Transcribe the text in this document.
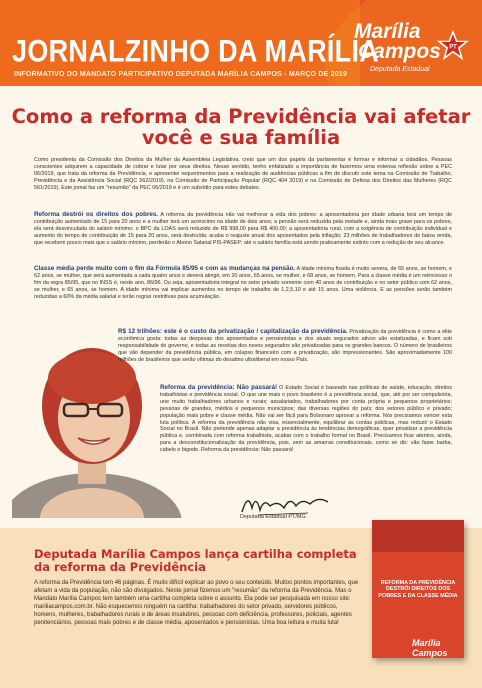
JORNALZINHO DA MARÍLIA
INFORMATIVO DO MANDATO PARTICIPATIVO DEPUTADA MARÍLIA CAMPOS - MARÇO DE 2019
Marília
Campos
Deputada Estadual
PT
Como a reforma da Previdência vai afetar você e sua família
Como presidenta da Comissão dos Direitos da Mulher da Assembleia Legislativa, creio que um dos papéis da parlamentar é formar e informar a cidadãos. Pessoas conscientes adquirem a capacidade de cobrar e lutar por seus direitos. Nesse sentido, tenho enfatizado a importância de fazermos uma extensa reflexão sobre a PEC 06/2019, que trata da reforma da Previdência, e apresentei requerimentos para a realização de audiências públicas a fim de discutir este tema na Comissão de Trabalho, Previdência e da Assistência Social (RQC 562/2019), na Comissão de Participação Popular (RQC 404 2019) e na Comissão de Defesa dos Direitos das Mulheres (RQC 561/2019). Este jornal faz um "resumão" da PEC 06/2019 e é um subsídio para estes debates.
Reforma destrói os direitos dos pobres. A reforma da previdência não vai melhorar a vida dos pobres: a aposentadoria por idade urbana terá um tempo de contribuição aumentado de 15 para 20 anos e a mulher terá um acréscimo na idade de dois anos; a pensão será reduzida pela metade e, ainda mais grave para os pobres, ela será desvinculada do salário mínimo; o BPC da LOAS será reduzido de R$ 998,00 para R$ 400,00; a aposentadoria rural, com a exigência de contribuição individual e aumento do tempo de contribuição de 15 para 20 anos, será destruída; acaba o reajuste anual dos aposentados pela inflação; 23 milhões de trabalhadores de baixa renda, que recebem pouco mais que o salário mínimo, perderão o Abono Salarial PIS-PASEP; até o salário família está sendo praticamente extinto com a redução de seu alcance.
Classe média perde muito com o fim da Fórmula 85/95 e com as mudanças na pensão. A idade mínima fixada é muito severa, de 65 anos, se homem, e 62 anos, se mulher, que será aumentada a cada quatro anos e deverá atingir, em 20 anos, 65 anos, se mulher, e 68 anos, se homem. Para a classe média é um retrocesso o fim da regra 85/95, que no INSS é, neste ano, 86/96. Ou seja, aposentadoria integral no setor privado somente com 40 anos de contribuição e no setor público com 62 anos, se mulher, e 65 anos, se homem. A idade mínima vai implicar aumentos no tempo de trabalho de 1,2,5,10 e até 15 anos. Uma violência. E as pensões serão também reduzidas a 60% da média salarial e terão regras restritivas para acumulação.
R$ 12 trilhões: este é o custo da privatização / capitalização da previdência. Privatização da previdência é como a elite econômica gosta: todas as despesas dos aposentados e pensionistas e dos atuais segurados ativos são estatizadas, e ficam sob responsabilidade do governo, e todas as receitas dos novos segurados são privatizadas para os grandes bancos. O número de brasileiros que vão depender da previdência pública, em colapso financeiro com a privatização, são impressionantes. São aproximadamente 100 milhões de brasileiros que serão vítimas do desatino ultraliberal em nosso País.
Reforma da previdência: Não passará! O Estado Social é baseado nas políticas de saúde, educação, direitos trabalhistas e previdência social. O que une mais o povo brasileiro é a previdência social, que, até por ser compulsória, une muito trabalhadores urbanos e rurais; assalariados, trabalhadores por conta própria e pequenos proprietários; pessoas de grandes, médios e pequenos municípios; das diversas regiões do país; dos setores público e privado; população mais pobre e classe média. Não vai ser fácil para Bolsonaro aprovar a reforma. Nós precisamos vencer esta luta política. A reforma da previdência não visa, essencialmente, equilibrar as contas públicas, mas reduzir o Estado Social no Brasil. Não pretende apenas adaptar a previdência às tendências demográficas, quer privatizar a previdência pública e, combinada com reforma trabalhista, acabar com o trabalho formal no Brasil. Precisamos ficar atentos, ainda, para a desconstitucionalização da previdência, pois, sem as amarras constitucionais, como se diz: vão fazer barba, cabelo e bigode. Reforma da previdência: Não passará!
Deputada Estadual PT/MG
Deputada Marília Campos lança cartilha completa da reforma da Previdência
A reforma da Previdência tem 46 páginas. É muito difícil explicar ao povo o seu conteúdo. Muitos pontos importantes, que afetam a vida da população, não são divulgados. Neste jornal fizemos um "resumão" da reforma da Previdência. Mas o Mandato Marília Campos tem também uma cartilha completa sobre o assunto. Ela pode ser pesquisada em nosso site: mariliacampos.com.br. Não esquecemos ninguém na cartilha: trabalhadores do setor privado, servidores públicos, homens, mulheres, trabalhadores rurais e de áreas insalubres, pessoas com deficiência, professores, policiais, agentes penitenciários, pessoas mais pobres e de classe média, aposentados e pensionistas. Uma boa leitura e muita luta!
REFORMA DA PREVIDÊNCIA DESTRÓI DIREITOS DOS POBRES E DA CLASSE MÉDIA
Marília Campos
